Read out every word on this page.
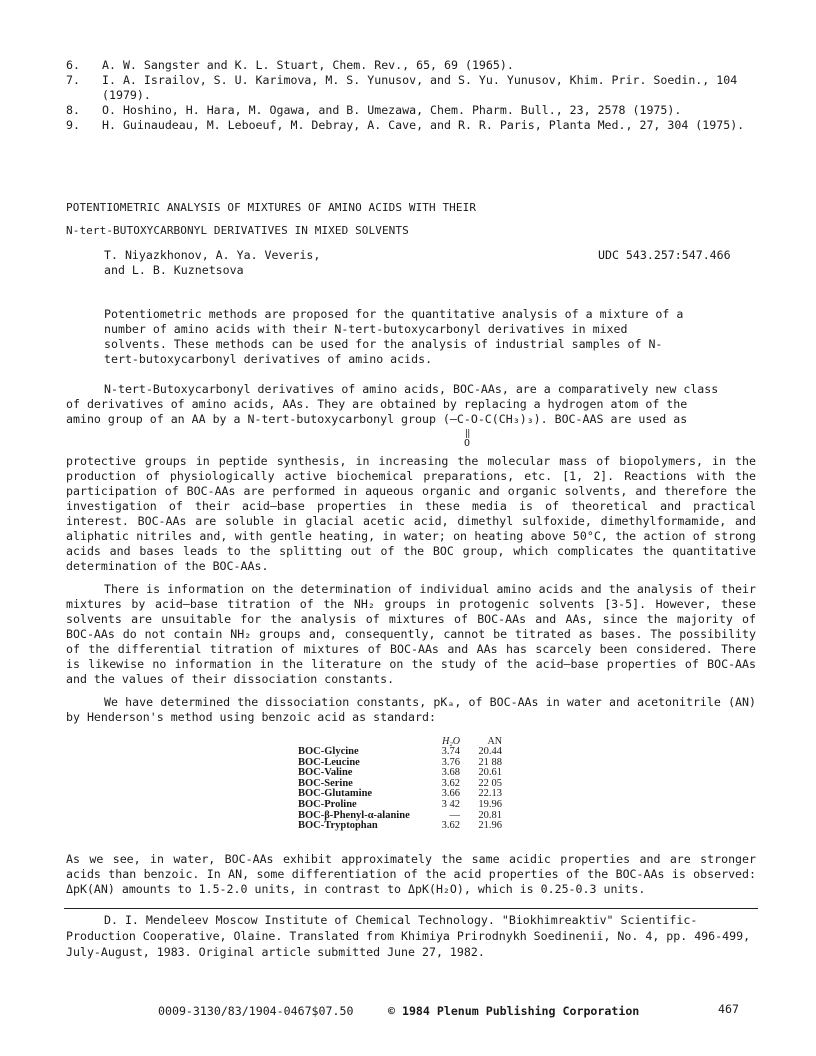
6.	A. W. Sangster and K. L. Stuart, Chem. Rev., 65, 69 (1965).
7.	I. A. Israilov, S. U. Karimova, M. S. Yunusov, and S. Yu. Yunusov, Khim. Prir. Soedin., 104 (1979).
8.	O. Hoshino, H. Hara, M. Ogawa, and B. Umezawa, Chem. Pharm. Bull., 23, 2578 (1975).
9.	H. Guinaudeau, M. Leboeuf, M. Debray, A. Cave, and R. R. Paris, Planta Med., 27, 304 (1975).
POTENTIOMETRIC ANALYSIS OF MIXTURES OF AMINO ACIDS WITH THEIR
N-tert-BUTOXYCARBONYL DERIVATIVES IN MIXED SOLVENTS
T. Niyazkhonov, A. Ya. Veveris,
and L. B. Kuznetsova
UDC 543.257:547.466
Potentiometric methods are proposed for the quantitative analysis of a mixture of a number of amino acids with their N-tert-butoxycarbonyl derivatives in mixed solvents. These methods can be used for the analysis of industrial samples of N-tert-butoxycarbonyl derivatives of amino acids.
N-tert-Butoxycarbonyl derivatives of amino acids, BOC-AAs, are a comparatively new class
of derivatives of amino acids, AAs. They are obtained by replacing a hydrogen atom of the
amino group of an AA by a N-tert-butoxycarbonyl group (—C-O-C(CH₃)₃). BOC-AAS are used as
‖
O
protective groups in peptide synthesis, in increasing the molecular mass of biopolymers, in the production of physiologically active biochemical preparations, etc. [1, 2]. Reactions with the participation of BOC-AAs are performed in aqueous organic and organic solvents, and therefore the investigation of their acid—base properties in these media is of theoretical and practical interest. BOC-AAs are soluble in glacial acetic acid, dimethyl sulfoxide, dimethylformamide, and aliphatic nitriles and, with gentle heating, in water; on heating above 50°C, the action of strong acids and bases leads to the splitting out of the BOC group, which complicates the quantitative determination of the BOC-AAs.
There is information on the determination of individual amino acids and the analysis of their mixtures by acid—base titration of the NH₂ groups in protogenic solvents [3-5]. However, these solvents are unsuitable for the analysis of mixtures of BOC-AAs and AAs, since the majority of BOC-AAs do not contain NH₂ groups and, consequently, cannot be titrated as bases. The possibility of the differential titration of mixtures of BOC-AAs and AAs has scarcely been considered. There is likewise no information in the literature on the study of the acid—base properties of BOC-AAs and the values of their dissociation constants.
We have determined the dissociation constants, pKₐ, of BOC-AAs in water and acetonitrile (AN) by Henderson's method using benzoic acid as standard:
	H₂O	AN
BOC-Glycine	3.74	20.44
BOC-Leucine	3.76	21 88
BOC-Valine	3.68	20.61
BOC-Serine	3.62	22 05
BOC-Glutamine	3.66	22.13
BOC-Proline	3 42	19.96
BOC-β-Phenyl-α-alanine	—	20.81
BOC-Tryptophan	3.62	21.96
As we see, in water, BOC-AAs exhibit approximately the same acidic properties and are stronger acids than benzoic. In AN, some differentiation of the acid properties of the BOC-AAs is observed: ΔpK(AN) amounts to 1.5-2.0 units, in contrast to ΔpK(H₂O), which is 0.25-0.3 units.
D. I. Mendeleev Moscow Institute of Chemical Technology. "Biokhimreaktiv" Scientific-Production Cooperative, Olaine. Translated from Khimiya Prirodnykh Soedinenii, No. 4, pp. 496-499, July-August, 1983. Original article submitted June 27, 1982.
0009-3130/83/1904-0467$07.50	© 1984 Plenum Publishing Corporation	467
